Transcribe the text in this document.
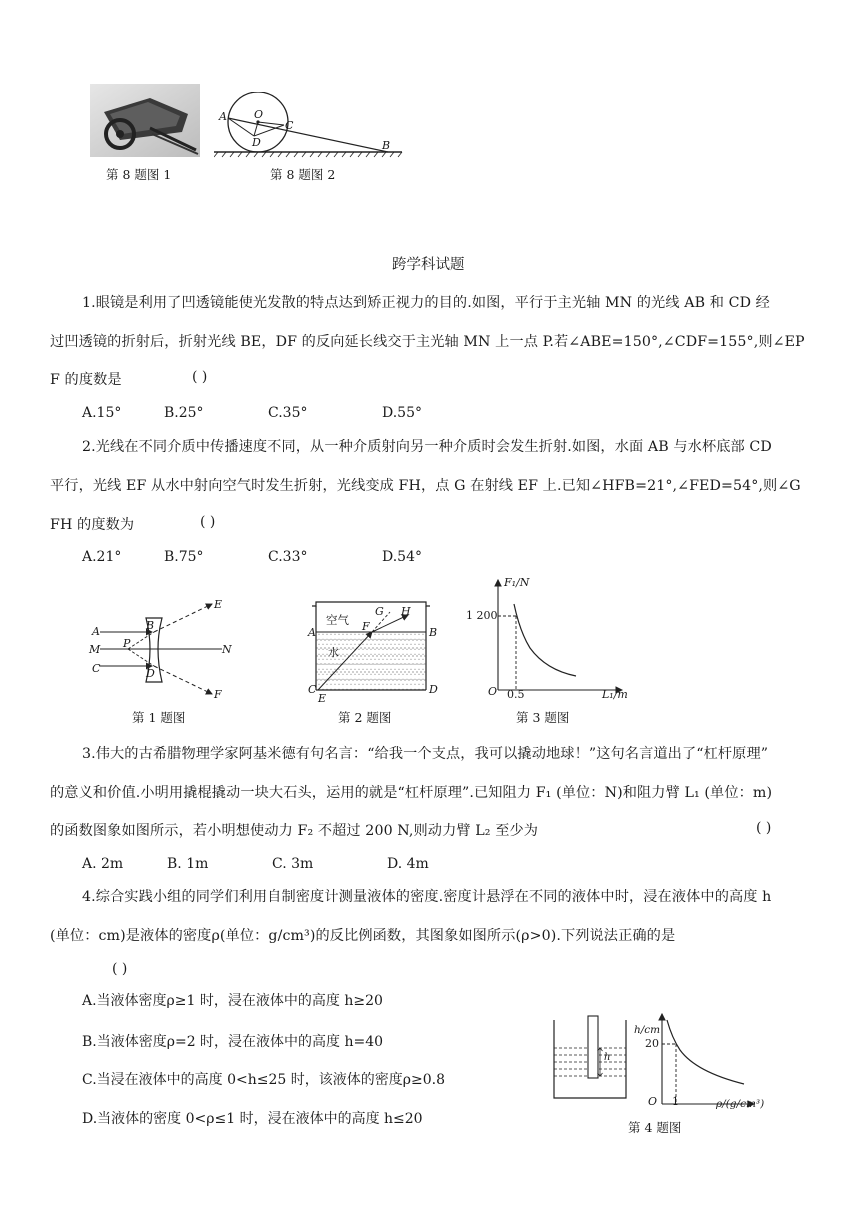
A O
C
D	B
第 8 题图 1	第 8 题图 2
跨学科试题
1.眼镜是利用了凹透镜能使光发散的特点达到矫正视力的目的.如图，平行于主光轴 MN 的光线 AB 和 CD 经
过凹透镜的折射后，折射光线 BE，DF 的反向延长线交于主光轴 MN 上一点 P.若∠ABE=150°,∠CDF=155°,则∠EP
F 的度数是	( )
A.15°	B.25°	C.35°	D.55°
2.光线在不同介质中传播速度不同，从一种介质射向另一种介质时会发生折射.如图，水面 AB 与水杯底部 CD
平行，光线 EF 从水中射向空气时发生折射，光线变成 FH，点 G 在射线 EF 上.已知∠HFB=21°,∠FED=54°,则∠G
FH 的度数为	( )
A.21°	B.75°	C.33°	D.54°
A	B
E
M P	N
C	D
F
第 1 题图
空气
水
G H
F
A	B
C	D
E
第 2 题图
F₁/N
1 200
O 0.5	L₁/m
第 3 题图
3.伟大的古希腊物理学家阿基米德有句名言：“给我一个支点，我可以撬动地球！”这句名言道出了“杠杆原理”
的意义和价值.小明用撬棍撬动一块大石头，运用的就是“杠杆原理”.已知阻力 F₁ (单位：N)和阻力臂 L₁ (单位：m)
的函数图象如图所示，若小明想使动力 F₂ 不超过 200 N,则动力臂 L₂ 至少为	( )
A. 2m	B. 1m	C. 3m	D. 4m
4.综合实践小组的同学们利用自制密度计测量液体的密度.密度计悬浮在不同的液体中时，浸在液体中的高度 h
(单位：cm)是液体的密度ρ(单位：g/cm³)的反比例函数，其图象如图所示(ρ>0).下列说法正确的是
( )
A.当液体密度ρ≥1 时，浸在液体中的高度 h≥20
B.当液体密度ρ=2 时，浸在液体中的高度 h=40
C.当浸在液体中的高度 0<h≤25 时，该液体的密度ρ≥0.8
D.当液体的密度 0<ρ≤1 时，浸在液体中的高度 h≤20
h
h/cm
20
O 1	ρ/(g/cm³)
第 4 题图
